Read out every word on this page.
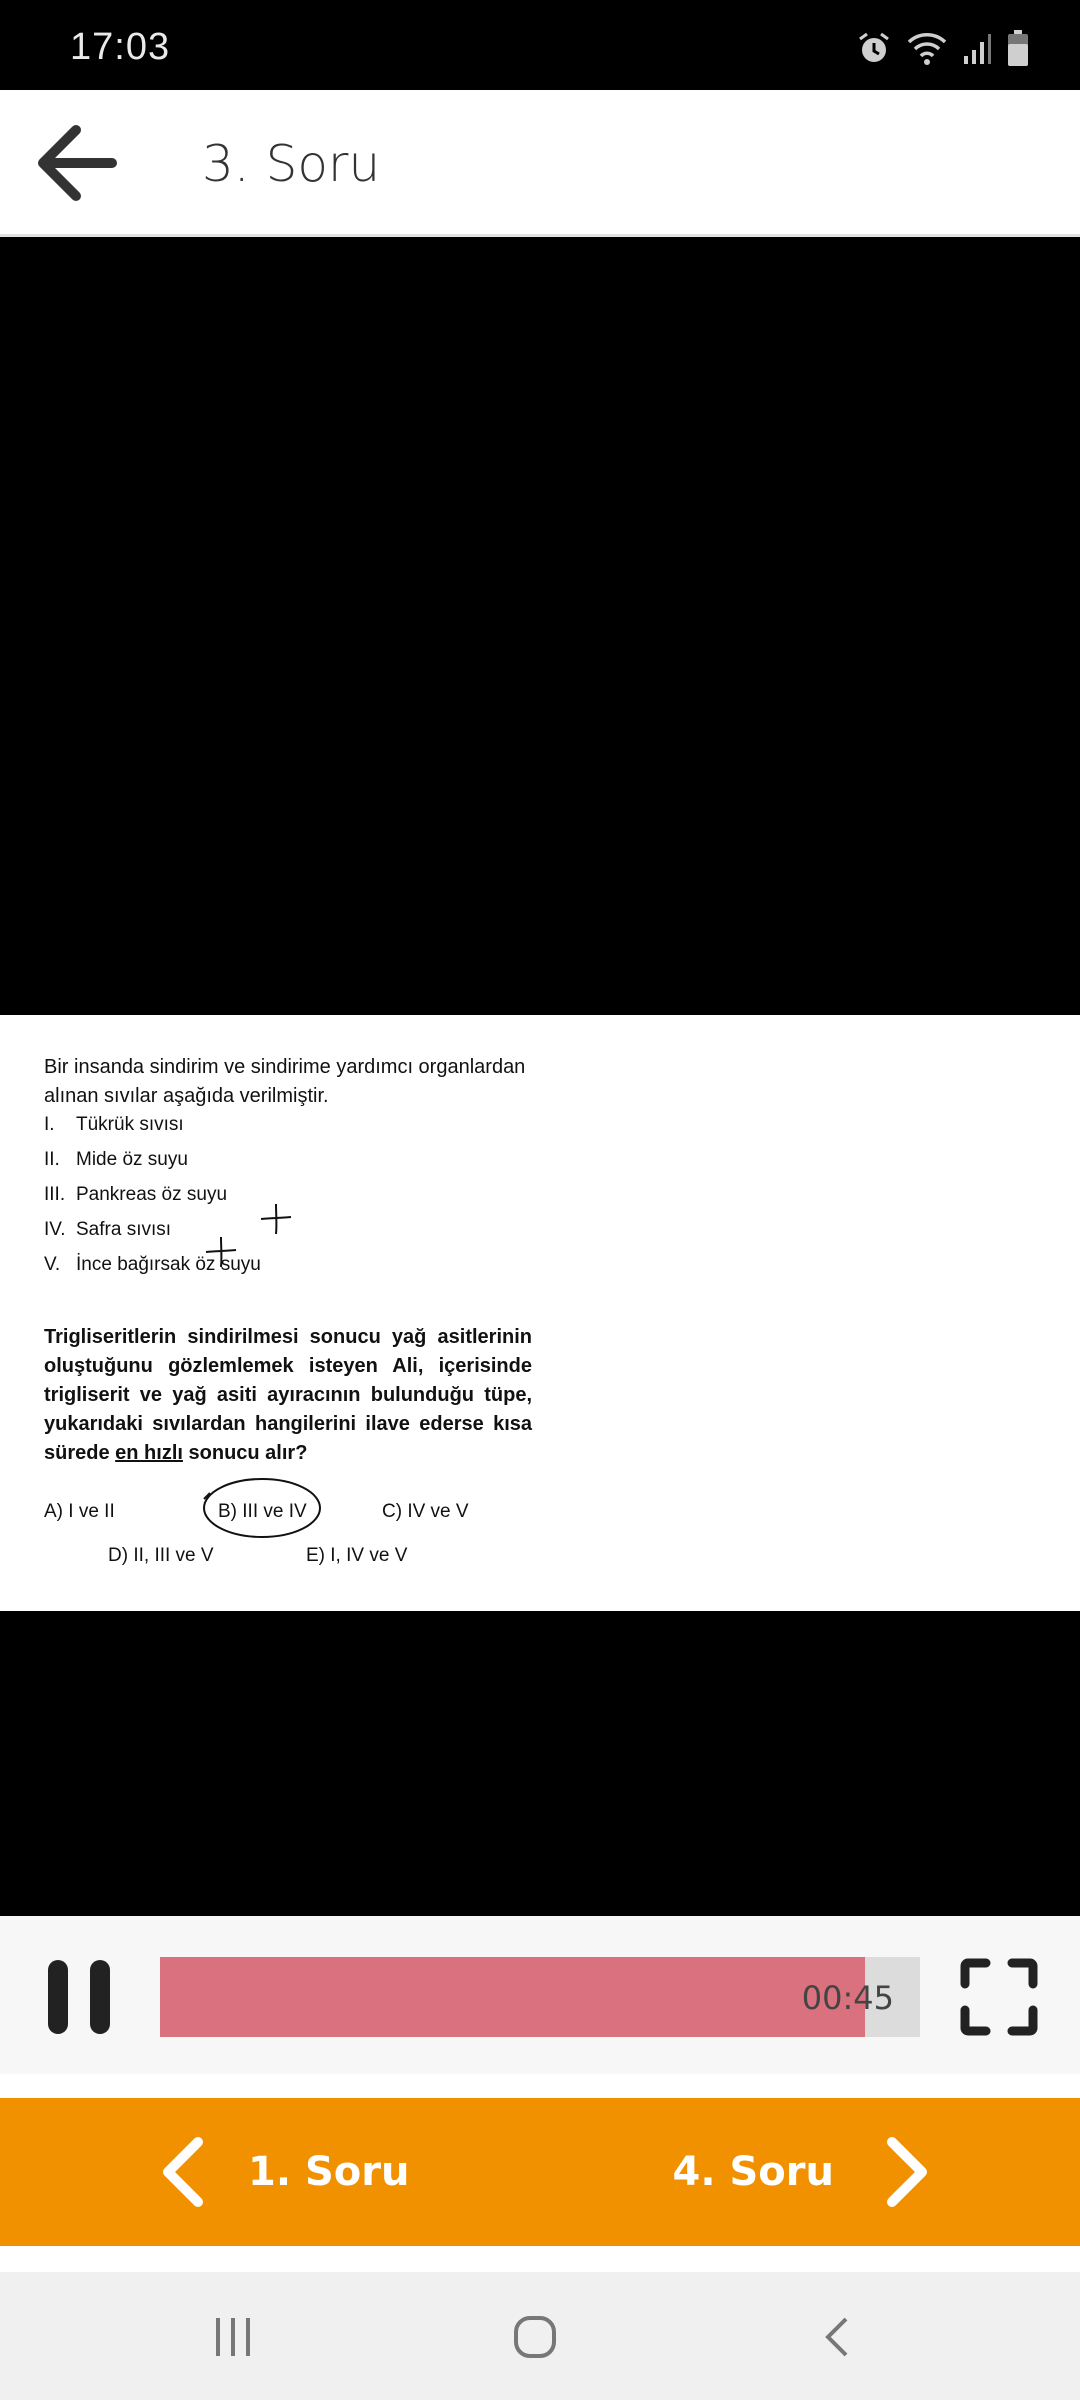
17:03
3. Soru
Bir insanda sindirim ve sindirime yardımcı organlardan alınan sıvılar aşağıda verilmiştir.
I.	Tükrük sıvısı
II. Mide öz suyu
III. Pankreas öz suyu
IV. Safra sıvısı
V. İnce bağırsak öz suyu
Trigliseritlerin sindirilmesi sonucu yağ asitlerinin oluştuğunu gözlemlemek isteyen Ali, içerisinde trigliserit ve yağ asiti ayıracının bulunduğu tüpe, yukarıdaki sıvılardan hangilerini ilave ederse kısa sürede en hızlı sonucu alır?
A) I ve II	B) III ve IV	C) IV ve V
D) II, III ve V	E) I, IV ve V
00:45
1. Soru	4. Soru
